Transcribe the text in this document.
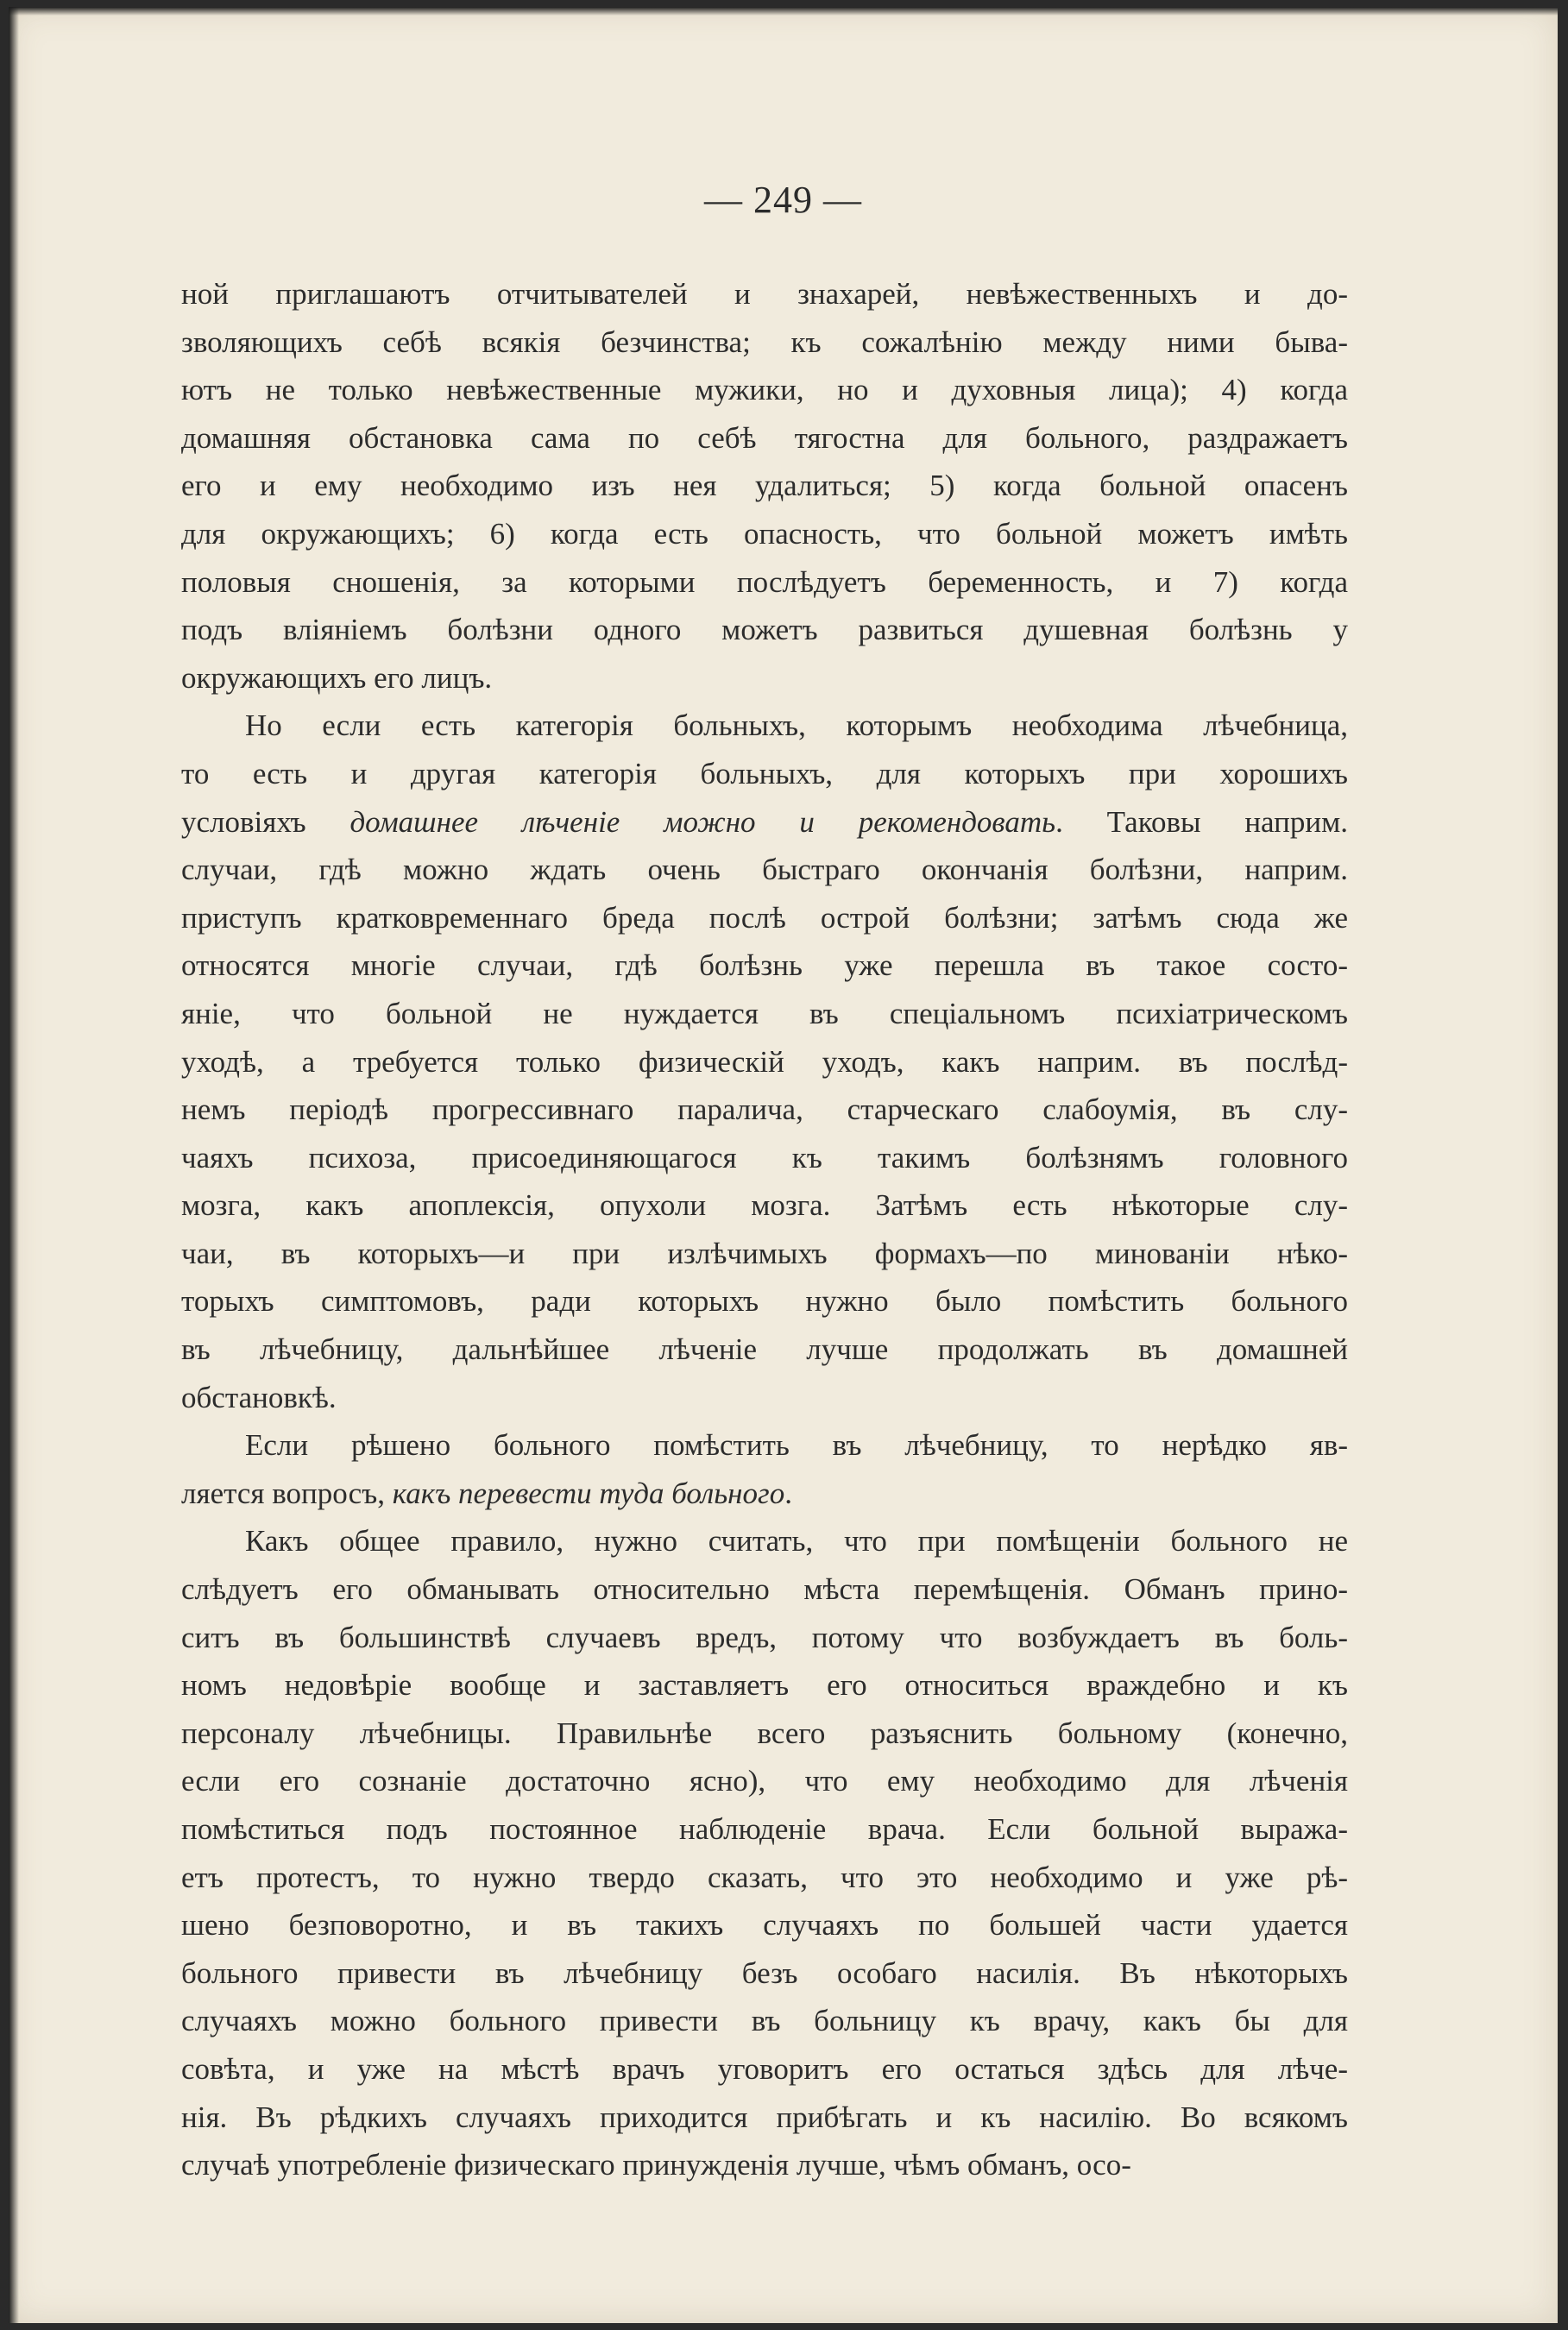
— 249 —
ной приглашаютъ отчитывателей и знахарей, невѣжественныхъ и до-
зволяющихъ себѣ всякія безчинства; къ сожалѣнію между ними быва-
ютъ не только невѣжественные мужики, но и духовныя лица); 4) когда
домашняя обстановка сама по себѣ тягостна для больного, раздражаетъ
его и ему необходимо изъ нея удалиться; 5) когда больной опасенъ
для окружающихъ; 6) когда есть опасность, что больной можетъ имѣть
половыя сношенія, за которыми послѣдуетъ беременность, и 7) когда
подъ вліяніемъ болѣзни одного можетъ развиться душевная болѣзнь у
окружающихъ его лицъ.
Но если есть категорія больныхъ, которымъ необходима лѣчебница,
то есть и другая категорія больныхъ, для которыхъ при хорошихъ
условіяхъ домашнее лѣченіе можно и рекомендовать. Таковы наприм.
случаи, гдѣ можно ждать очень быстраго окончанія болѣзни, наприм.
приступъ кратковременнаго бреда послѣ острой болѣзни; затѣмъ сюда же
относятся многіе случаи, гдѣ болѣзнь уже перешла въ такое состо-
яніе, что больной не нуждается въ спеціальномъ психіатрическомъ
уходѣ, а требуется только физическій уходъ, какъ наприм. въ послѣд-
немъ періодѣ прогрессивнаго паралича, старческаго слабоумія, въ слу-
чаяхъ психоза, присоединяющагося къ такимъ болѣзнямъ головного
мозга, какъ апоплексія, опухоли мозга. Затѣмъ есть нѣкоторые слу-
чаи, въ которыхъ—и при излѣчимыхъ формахъ—по минованіи нѣко-
торыхъ симптомовъ, ради которыхъ нужно было помѣстить больного
въ лѣчебницу, дальнѣйшее лѣченіе лучше продолжать въ домашней
обстановкѣ.
Если рѣшено больного помѣстить въ лѣчебницу, то нерѣдко яв-
ляется вопросъ, какъ перевести туда больного.
Какъ общее правило, нужно считать, что при помѣщеніи больного не
слѣдуетъ его обманывать относительно мѣста перемѣщенія. Обманъ прино-
ситъ въ большинствѣ случаевъ вредъ, потому что возбуждаетъ въ боль-
номъ недовѣріе вообще и заставляетъ его относиться враждебно и къ
персоналу лѣчебницы. Правильнѣе всего разъяснить больному (конечно,
если его сознаніе достаточно ясно), что ему необходимо для лѣченія
помѣститься подъ постоянное наблюденіе врача. Если больной выража-
етъ протестъ, то нужно твердо сказать, что это необходимо и уже рѣ-
шено безповоротно, и въ такихъ случаяхъ по большей части удается
больного привести въ лѣчебницу безъ особаго насилія. Въ нѣкоторыхъ
случаяхъ можно больного привести въ больницу къ врачу, какъ бы для
совѣта, и уже на мѣстѣ врачъ уговоритъ его остаться здѣсь для лѣче-
нія. Въ рѣдкихъ случаяхъ приходится прибѣгать и къ насилію. Во всякомъ
случаѣ употребленіе физическаго принужденія лучше, чѣмъ обманъ, осо-
